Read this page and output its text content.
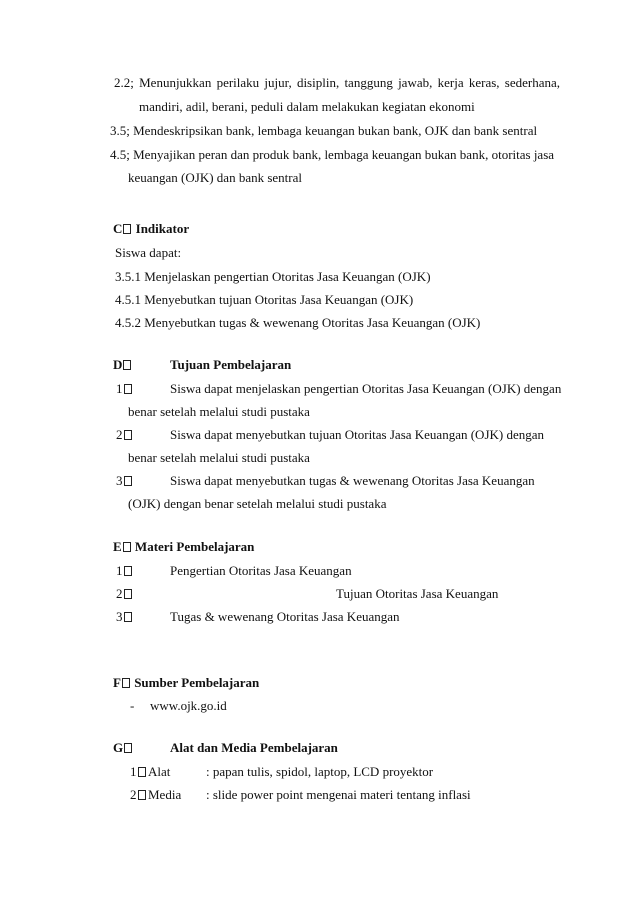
2.2; Menunjukkan perilaku jujur, disiplin, tanggung jawab, kerja keras, sederhana,
mandiri, adil, berani, peduli dalam melakukan kegiatan ekonomi
3.5; Mendeskripsikan bank, lembaga keuangan bukan bank, OJK dan bank sentral
4.5; Menyajikan peran dan produk bank, lembaga keuangan bukan bank, otoritas jasa
keuangan (OJK) dan bank sentral
C Indikator
Siswa dapat:
3.5.1 Menjelaskan pengertian Otoritas Jasa Keuangan (OJK)
4.5.1 Menyebutkan tujuan Otoritas Jasa Keuangan (OJK)
4.5.2 Menyebutkan tugas & wewenang Otoritas Jasa Keuangan (OJK)
D	Tujuan Pembelajaran
1	Siswa dapat menjelaskan pengertian Otoritas Jasa Keuangan (OJK) dengan
benar setelah melalui studi pustaka
2	Siswa dapat menyebutkan tujuan Otoritas Jasa Keuangan (OJK) dengan
benar setelah melalui studi pustaka
3	Siswa dapat menyebutkan tugas & wewenang Otoritas Jasa Keuangan
(OJK) dengan benar setelah melalui studi pustaka
E Materi Pembelajaran
1	Pengertian Otoritas Jasa Keuangan
2	Tujuan Otoritas Jasa Keuangan
3	Tugas & wewenang Otoritas Jasa Keuangan
F Sumber Pembelajaran
- www.ojk.go.id
G	Alat dan Media Pembelajaran
1 Alat	: papan tulis, spidol, laptop, LCD proyektor
2 Media : slide power point mengenai materi tentang inflasi
